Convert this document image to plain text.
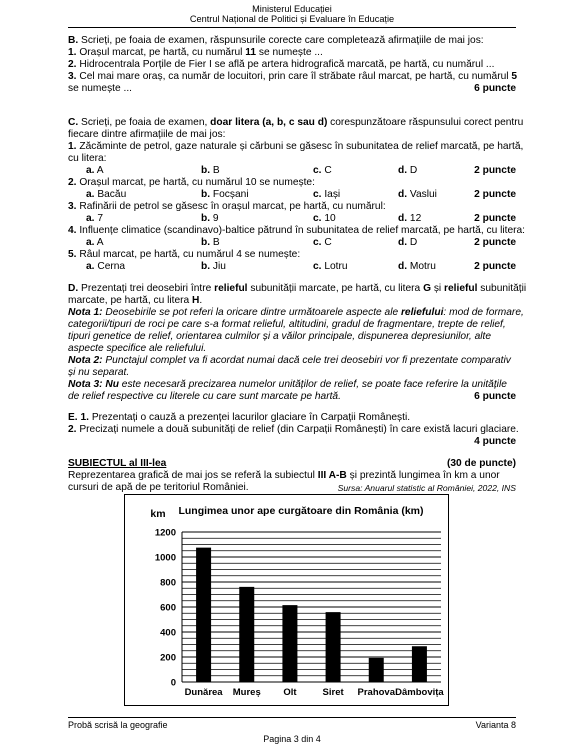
Ministerul Educației
Centrul Național de Politici și Evaluare în Educație
B. Scrieți, pe foaia de examen, răspunsurile corecte care completează afirmațiile de mai jos:
1. Orașul marcat, pe hartă, cu numărul 11 se numește ...
2. Hidrocentrala Porțile de Fier I se află pe artera hidrografică marcată, pe hartă, cu numărul ...
3. Cel mai mare oraș, ca număr de locuitori, prin care îl străbate râul marcat, pe hartă, cu numărul 5
se numește ...	6 puncte
C. Scrieți, pe foaia de examen, doar litera (a, b, c sau d) corespunzătoare răspunsului corect pentru
fiecare dintre afirmațiile de mai jos:
1. Zăcăminte de petrol, gaze naturale și cărbuni se găsesc în subunitatea de relief marcată, pe hartă,
cu litera:
a. A	b. B	c. C	d. D	2 puncte
2. Orașul marcat, pe hartă, cu numărul 10 se numește:
a. Bacău	b. Focșani	c. Iași	d. Vaslui	2 puncte
3. Rafinării de petrol se găsesc în orașul marcat, pe hartă, cu numărul:
a. 7	b. 9	c. 10	d. 12	2 puncte
4. Influențe climatice (scandinavo)-baltice pătrund în subunitatea de relief marcată, pe hartă, cu litera:
a. A	b. B	c. C	d. D	2 puncte
5. Râul marcat, pe hartă, cu numărul 4 se numește:
a. Cerna	b. Jiu	c. Lotru	d. Motru	2 puncte
D. Prezentați trei deosebiri între relieful subunității marcate, pe hartă, cu litera G și relieful subunității
marcate, pe hartă, cu litera H.
Nota 1: Deosebirile se pot referi la oricare dintre următoarele aspecte ale reliefului: mod de formare,
categorii/tipuri de roci pe care s-a format relieful, altitudini, gradul de fragmentare, trepte de relief,
tipuri genetice de relief, orientarea culmilor și a văilor principale, dispunerea depresiunilor, alte
aspecte specifice ale reliefului.
Nota 2: Punctajul complet va fi acordat numai dacă cele trei deosebiri vor fi prezentate comparativ
și nu separat.
Nota 3: Nu este necesară precizarea numelor unităților de relief, se poate face referire la unitățile
de relief respective cu literele cu care sunt marcate pe hartă.	6 puncte
E. 1. Prezentați o cauză a prezenței lacurilor glaciare în Carpații Românești.
2. Precizați numele a două subunități de relief (din Carpații Românești) în care există lacuri glaciare.
4 puncte
SUBIECTUL al III-lea	(30 de puncte)
Reprezentarea grafică de mai jos se referă la subiectul III A-B și prezintă lungimea în km a unor
cursuri de apă de pe teritoriul României.	Sursa: Anuarul statistic al României, 2022, INS
Lungimea unor ape curgătoare din România (km)
km
0
200
400
600
800
1000
1200
Dunărea Mureș Olt	Siret Prahova Dâmbovița
Probă scrisă la geografie	Varianta 8
Pagina 3 din 4
